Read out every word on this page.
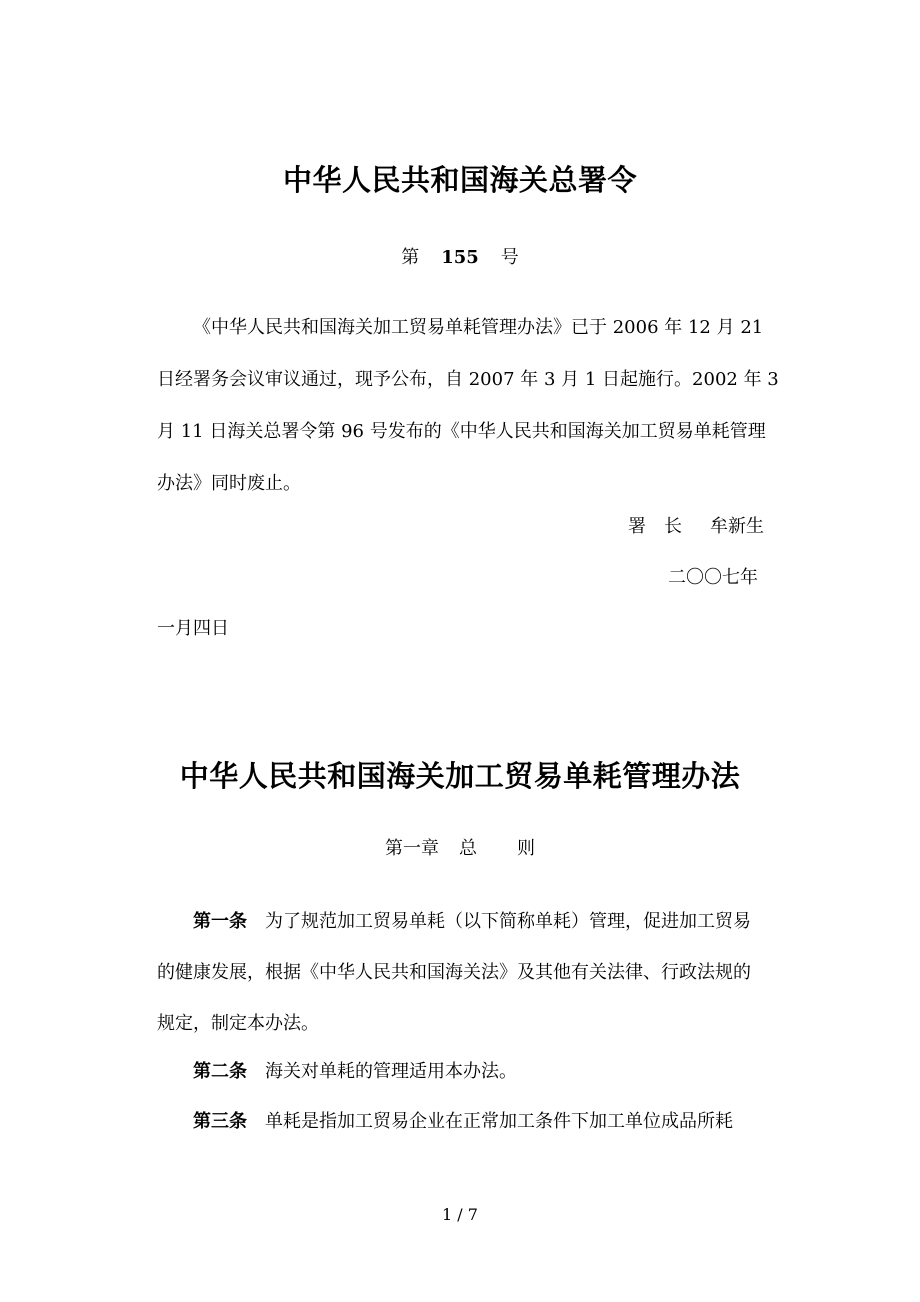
中华人民共和国海关总署令
第 155 号
《中华人民共和国海关加工贸易单耗管理办法》已于 2006 年 12 月 21
日经署务会议审议通过，现予公布，自 2007 年 3 月 1 日起施行。2002 年 3
月 11 日海关总署令第 96 号发布的《中华人民共和国海关加工贸易单耗管理
办法》同时废止。
署 长 牟新生
二〇〇七年
一月四日
中华人民共和国海关加工贸易单耗管理办法
第一章 总 则
第一条 为了规范加工贸易单耗（以下简称单耗）管理，促进加工贸易
的健康发展，根据《中华人民共和国海关法》及其他有关法律、行政法规的
规定，制定本办法。
第二条 海关对单耗的管理适用本办法。
第三条 单耗是指加工贸易企业在正常加工条件下加工单位成品所耗
1 / 7
